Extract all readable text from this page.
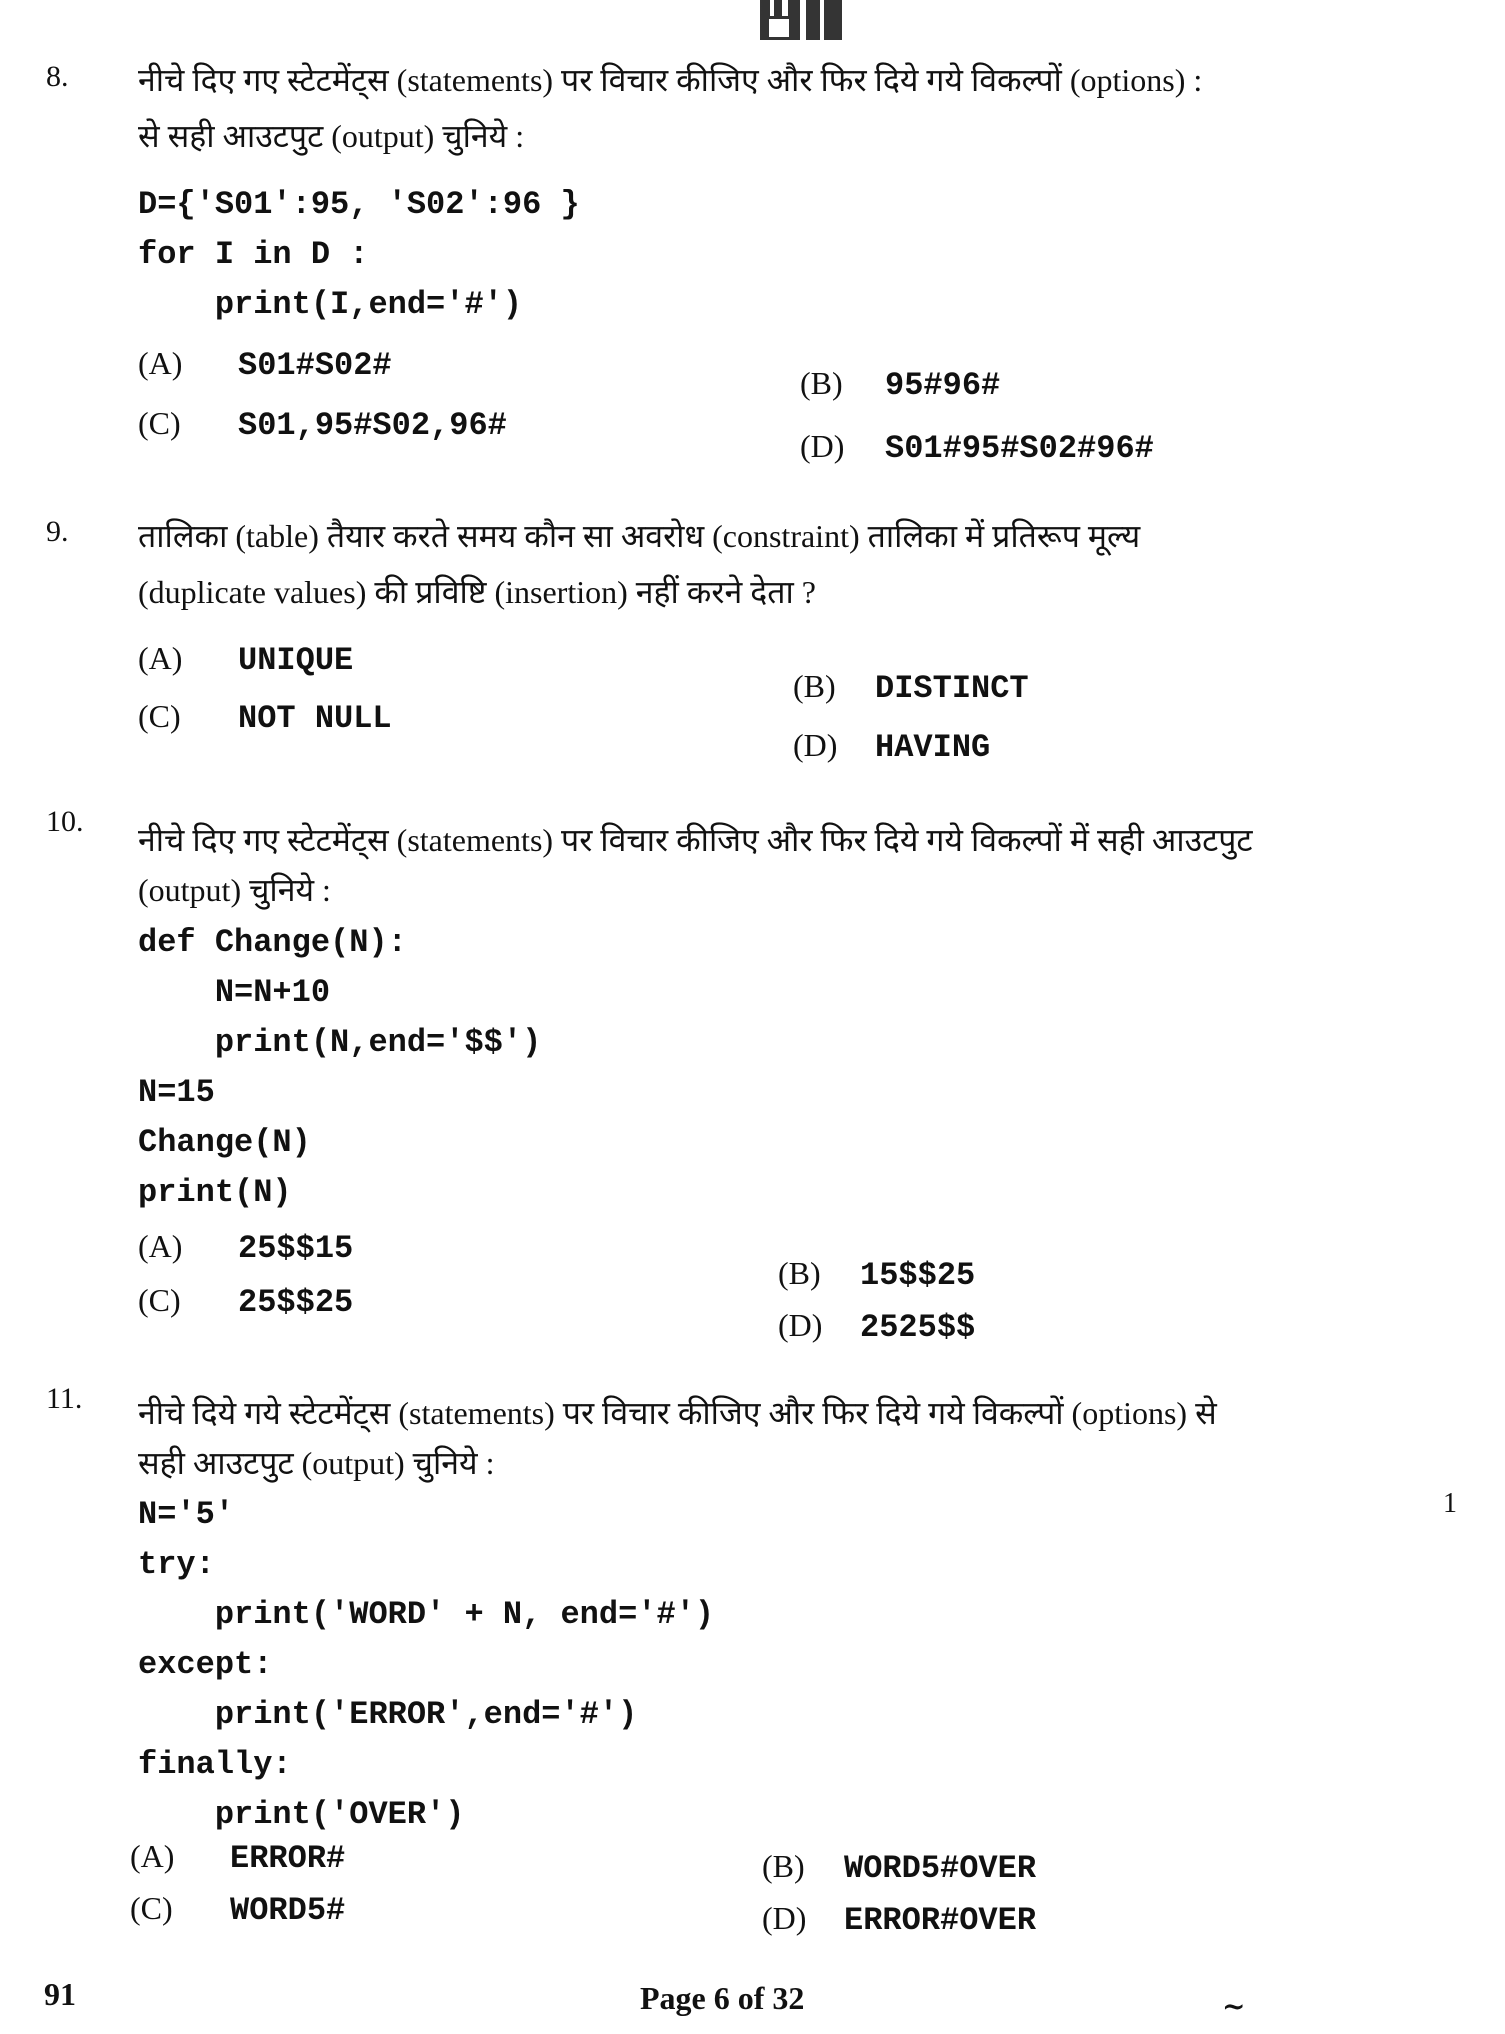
8. नीचे दिए गए स्टेटमेंट्स (statements) पर विचार कीजिए और फिर दिये गये विकल्पों (options) :
से सही आउटपुट (output) चुनिये :
D={'S01':95, 'S02':96 }
for I in D :
print(I,end='#')
(A)	S01#S02#	(B)	95#96#
(C)	S01,95#S02,96#
(D)	S01#95#S02#96#
9. तालिका (table) तैयार करते समय कौन सा अवरोध (constraint) तालिका में प्रतिरूप मूल्य
(duplicate values) की प्रविष्टि (insertion) नहीं करने देता ?
(A)	UNIQUE
(B)	DISTINCT
(C)	NOT NULL
(D)	HAVING
10.
नीचे दिए गए स्टेटमेंट्स (statements) पर विचार कीजिए और फिर दिये गये विकल्पों में सही आउटपुट
(output) चुनिये :
def Change(N):
N=N+10
print(N,end='$$')
N=15
Change(N)
print(N)
(A)	25$$15
(B)	15$$25
(C)	25$$25
(D)	2525$$
11. नीचे दिये गये स्टेटमेंट्स (statements) पर विचार कीजिए और फिर दिये गये विकल्पों (options) से
सही आउटपुट (output) चुनिये :
1
N='5'
try:
print('WORD' + N, end='#')
except:
print('ERROR',end='#')
finally:
print('OVER')
(A)	ERROR#	(B)	WORD5#OVER
(C)	WORD5#	(D)	ERROR#OVER
91	Page 6 of 32	~
